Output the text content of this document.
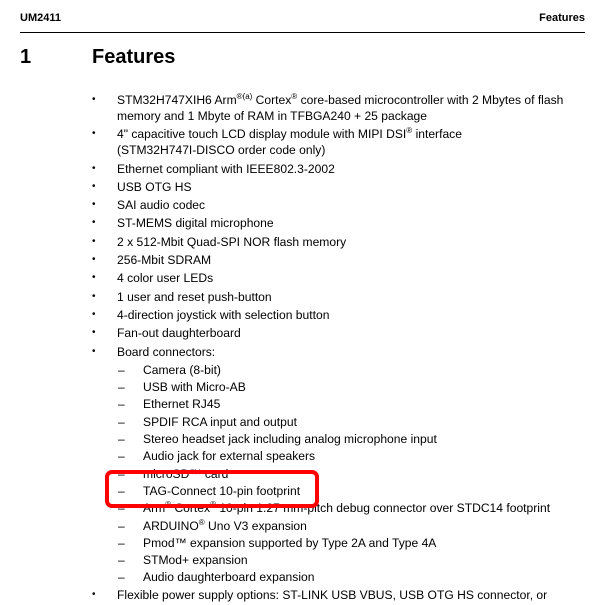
UM2411	Features
1	Features
• STM32H747XIH6 Arm$^{®(a)}$ Cortex® core-based microcontroller with 2 Mbytes of flash
memory and 1 Mbyte of RAM in TFBGA240 + 25 package
• 4" capacitive touch LCD display module with MIPI DSI® interface
(STM32H747I-DISCO order code only)
• Ethernet compliant with IEEE802.3-2002
• USB OTG HS
• SAI audio codec
• ST-MEMS digital microphone
• 2 x 512-Mbit Quad-SPI NOR flash memory
• 256-Mbit SDRAM
• 4 color user LEDs
• 1 user and reset push-button
• 4-direction joystick with selection button
• Fan-out daughterboard
• Board connectors:
– Camera (8-bit)
– USB with Micro-AB
– Ethernet RJ45
– SPDIF RCA input and output
– Stereo headset jack including analog microphone input
– Audio jack for external speakers
– microSD™ card
– TAG-Connect 10-pin footprint
– Arm® Cortex® 10-pin 1.27 mm-pitch debug connector over STDC14 footprint
– ARDUINO® Uno V3 expansion
– Pmod™ expansion supported by Type 2A and Type 4A
– STMod+ expansion
– Audio daughterboard expansion
• Flexible power supply options: ST-LINK USB VBUS, USB OTG HS connector, or
